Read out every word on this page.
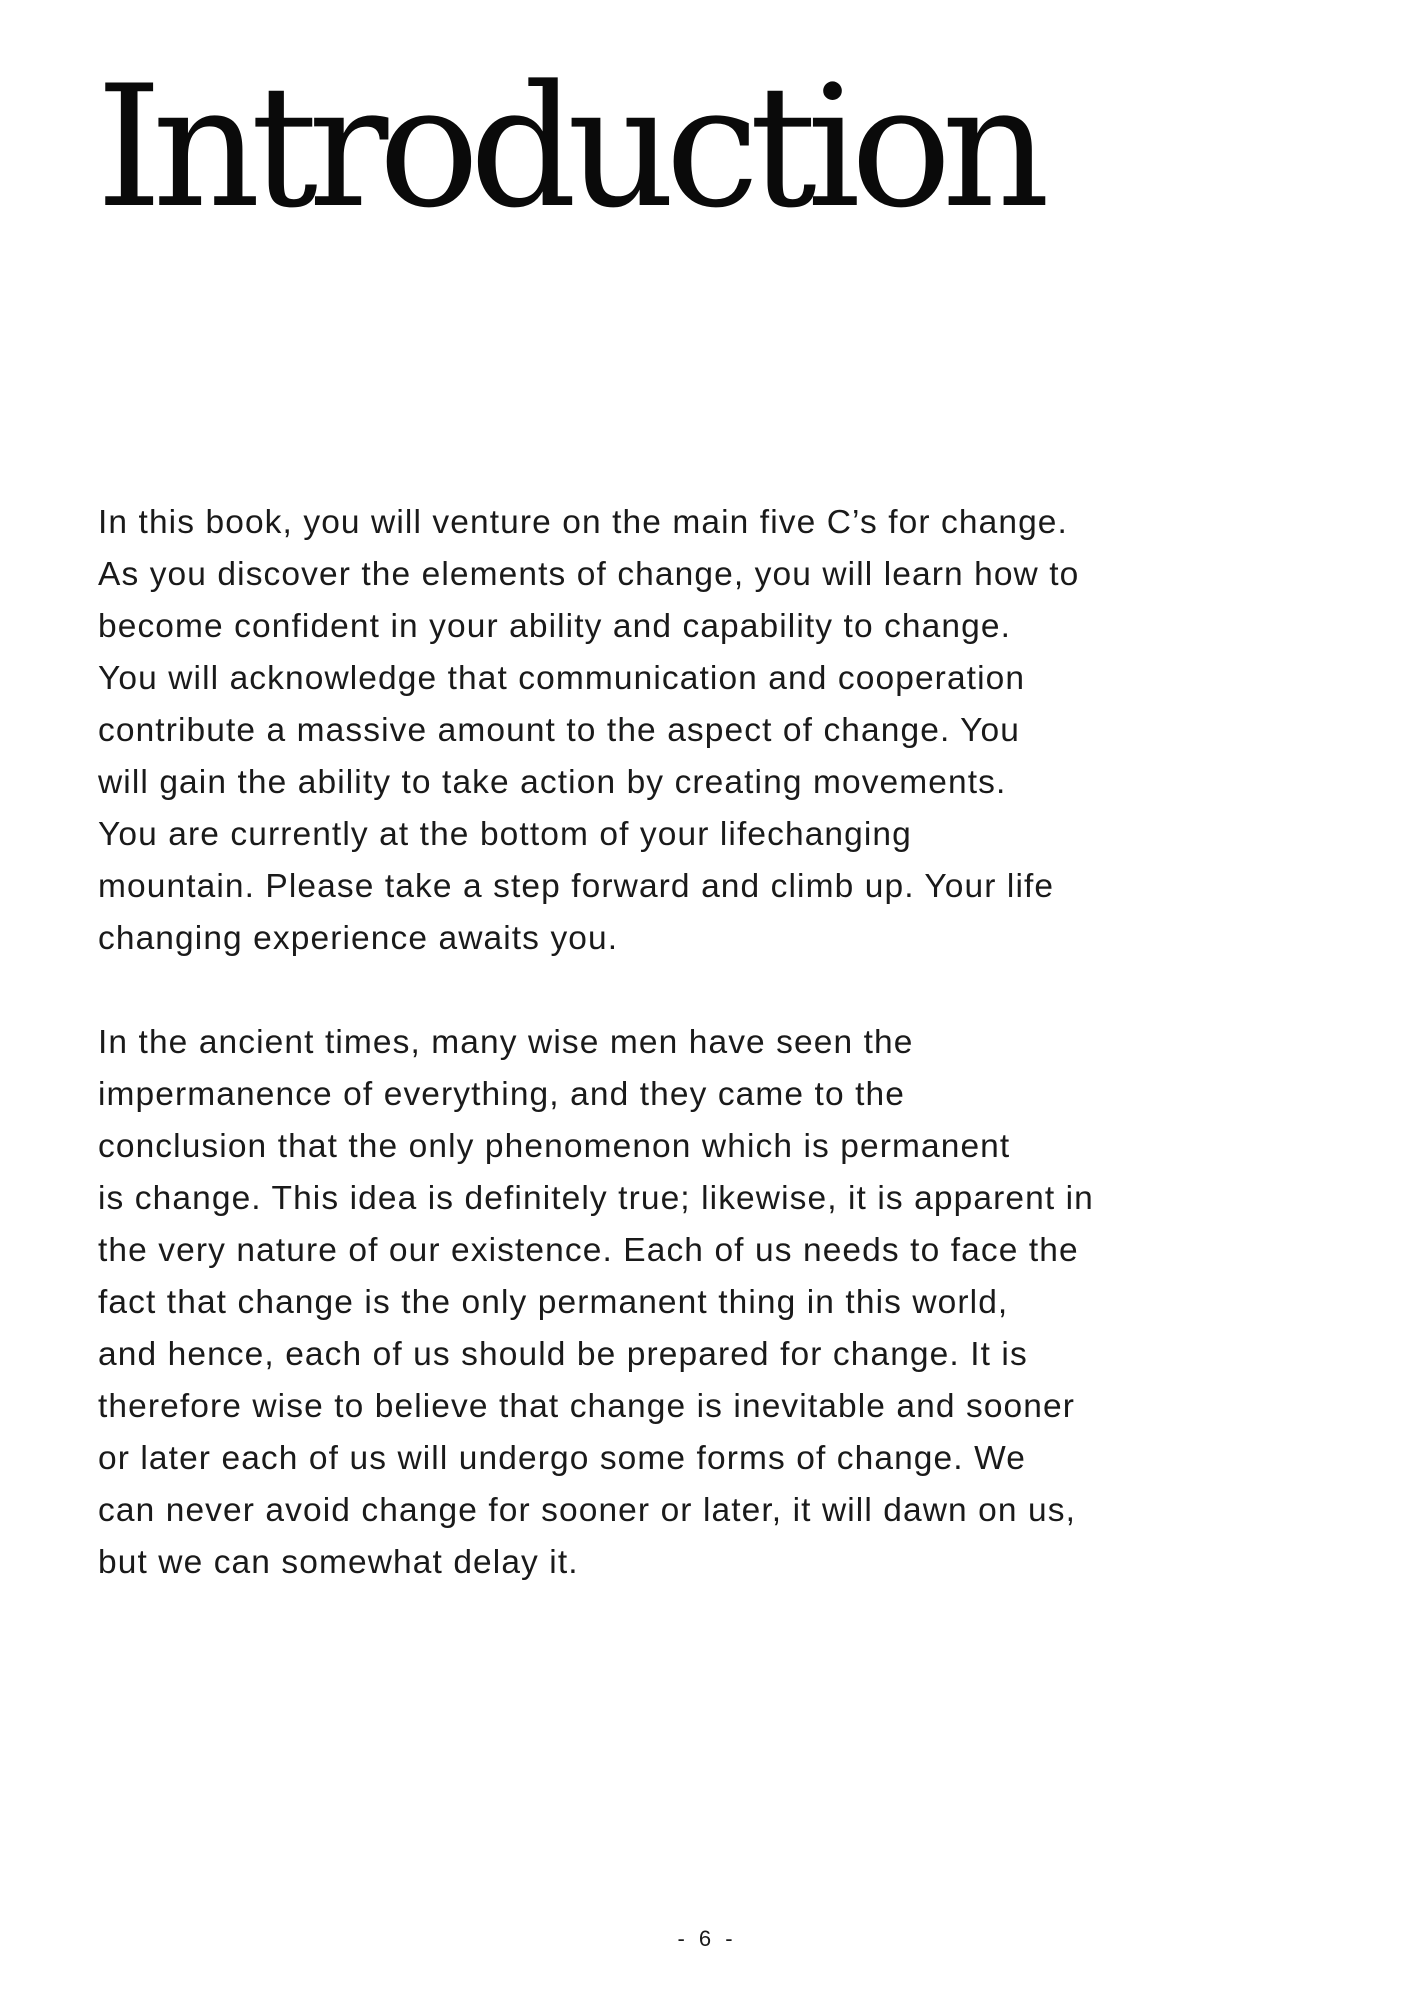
Introduction

In this book, you will venture on the main five C’s for change.
As you discover the elements of change, you will learn how to
become confident in your ability and capability to change.
You will acknowledge that communication and cooperation
contribute a massive amount to the aspect of change. You
will gain the ability to take action by creating movements.
You are currently at the bottom of your lifechanging
mountain. Please take a step forward and climb up. Your life
changing experience awaits you.

In the ancient times, many wise men have seen the
impermanence of everything, and they came to the
conclusion that the only phenomenon which is permanent
is change. This idea is definitely true; likewise, it is apparent in
the very nature of our existence. Each of us needs to face the
fact that change is the only permanent thing in this world,
and hence, each of us should be prepared for change. It is
therefore wise to believe that change is inevitable and sooner
or later each of us will undergo some forms of change. We
can never avoid change for sooner or later, it will dawn on us,
but we can somewhat delay it.

- 6 -
